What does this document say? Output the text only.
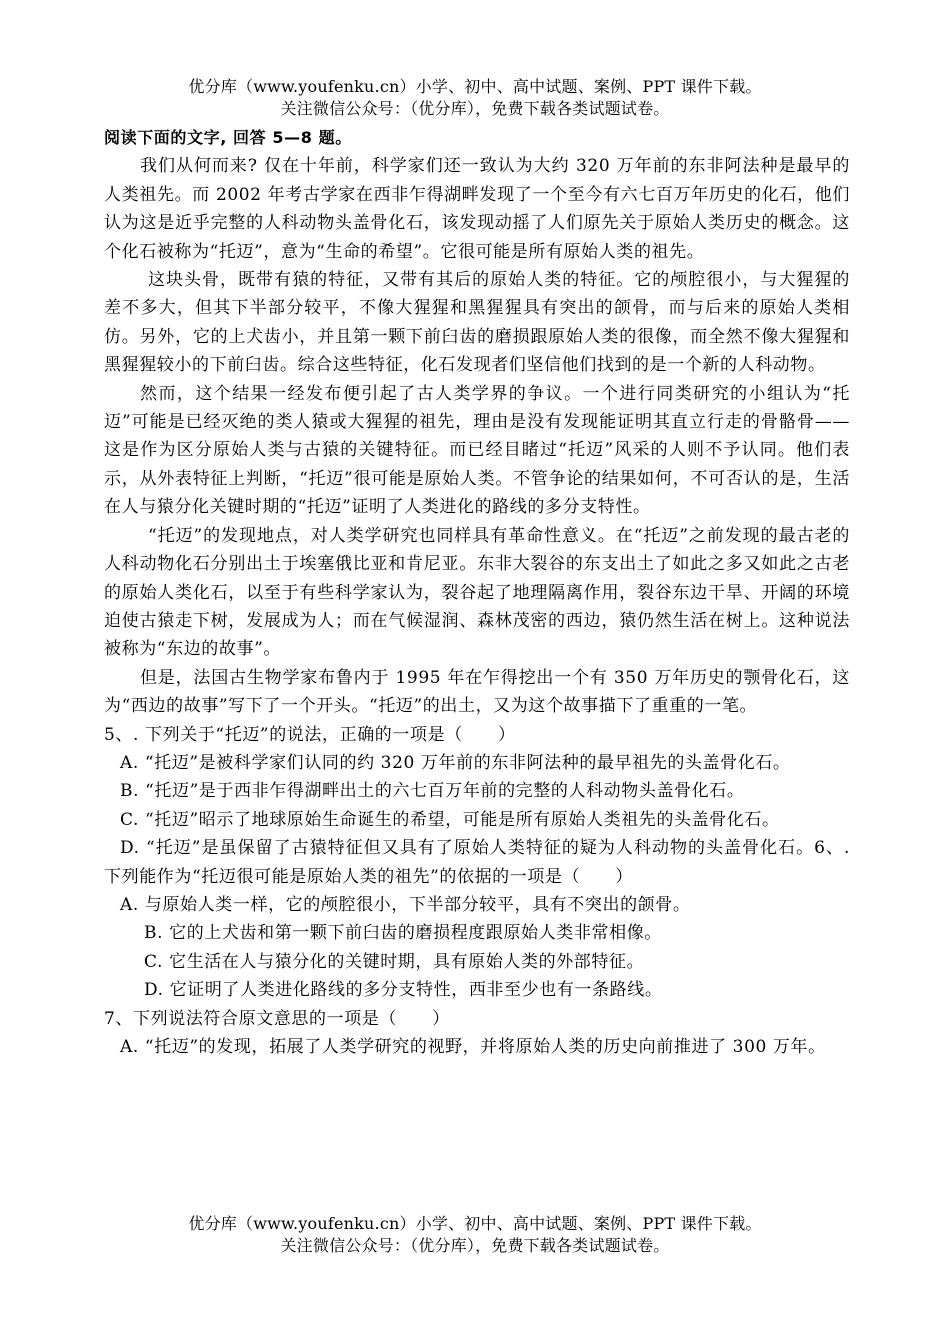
优分库（www.youfenku.cn）小学、初中、高中试题、案例、PPT 课件下载。
关注微信公众号：（优分库），免费下载各类试题试卷。
阅读下面的文字, 回答 5—8 题。

我们从何而来? 仅在十年前，科学家们还一致认为大约 320 万年前的东非阿法种是最早的人类祖先。而 2002 年考古学家在西非乍得湖畔发现了一个至今有六七百万年历史的化石，他们认为这是近乎完整的人科动物头盖骨化石，该发现动摇了人们原先关于原始人类历史的概念。这个化石被称为“托迈”，意为“生命的希望”。它很可能是所有原始人类的祖先。

这块头骨，既带有猿的特征，又带有其后的原始人类的特征。它的颅腔很小，与大猩猩的差不多大，但其下半部分较平，不像大猩猩和黑猩猩具有突出的颌骨，而与后来的原始人类相仿。另外，它的上犬齿小，并且第一颗下前臼齿的磨损跟原始人类的很像，而全然不像大猩猩和黑猩猩较小的下前臼齿。综合这些特征，化石发现者们坚信他们找到的是一个新的人科动物。

然而，这个结果一经发布便引起了古人类学界的争议。一个进行同类研究的小组认为“托迈”可能是已经灭绝的类人猿或大猩猩的祖先，理由是没有发现能证明其直立行走的骨骼骨——这是作为区分原始人类与古猿的关键特征。而已经目睹过“托迈”风采的人则不予认同。他们表示，从外表特征上判断，“托迈”很可能是原始人类。不管争论的结果如何，不可否认的是，生活在人与猿分化关键时期的“托迈”证明了人类进化的路线的多分支特性。

“托迈”的发现地点，对人类学研究也同样具有革命性意义。在“托迈”之前发现的最古老的人科动物化石分别出土于埃塞俄比亚和肯尼亚。东非大裂谷的东支出土了如此之多又如此之古老的原始人类化石，以至于有些科学家认为，裂谷起了地理隔离作用，裂谷东边干旱、开阔的环境迫使古猿走下树，发展成为人；而在气候湿润、森林茂密的西边，猿仍然生活在树上。这种说法被称为“东边的故事”。

但是，法国古生物学家布鲁内于 1995 年在乍得挖出一个有 350 万年历史的颚骨化石，这为“西边的故事”写下了一个开头。“托迈”的出土，又为这个故事描下了重重的一笔。

5、. 下列关于“托迈”的说法，正确的一项是（　　）

A. “托迈”是被科学家们认同的约 320 万年前的东非阿法种的最早祖先的头盖骨化石。

B. “托迈”是于西非乍得湖畔出土的六七百万年前的完整的人科动物头盖骨化石。

C. “托迈”昭示了地球原始生命诞生的希望，可能是所有原始人类祖先的头盖骨化石。

D. “托迈”是虽保留了古猿特征但又具有了原始人类特征的疑为人科动物的头盖骨化石。6、. 下列能作为“托迈很可能是原始人类的祖先”的依据的一项是（　　）

A. 与原始人类一样，它的颅腔很小，下半部分较平，具有不突出的颌骨。

B. 它的上犬齿和第一颗下前臼齿的磨损程度跟原始人类非常相像。

C. 它生活在人与猿分化的关键时期，具有原始人类的外部特征。

D. 它证明了人类进化路线的多分支特性，西非至少也有一条路线。

7、下列说法符合原文意思的一项是（　　）

A. “托迈”的发现，拓展了人类学研究的视野，并将原始人类的历史向前推进了 300 万年。

优分库（www.youfenku.cn）小学、初中、高中试题、案例、PPT 课件下载。
关注微信公众号：（优分库），免费下载各类试题试卷。
